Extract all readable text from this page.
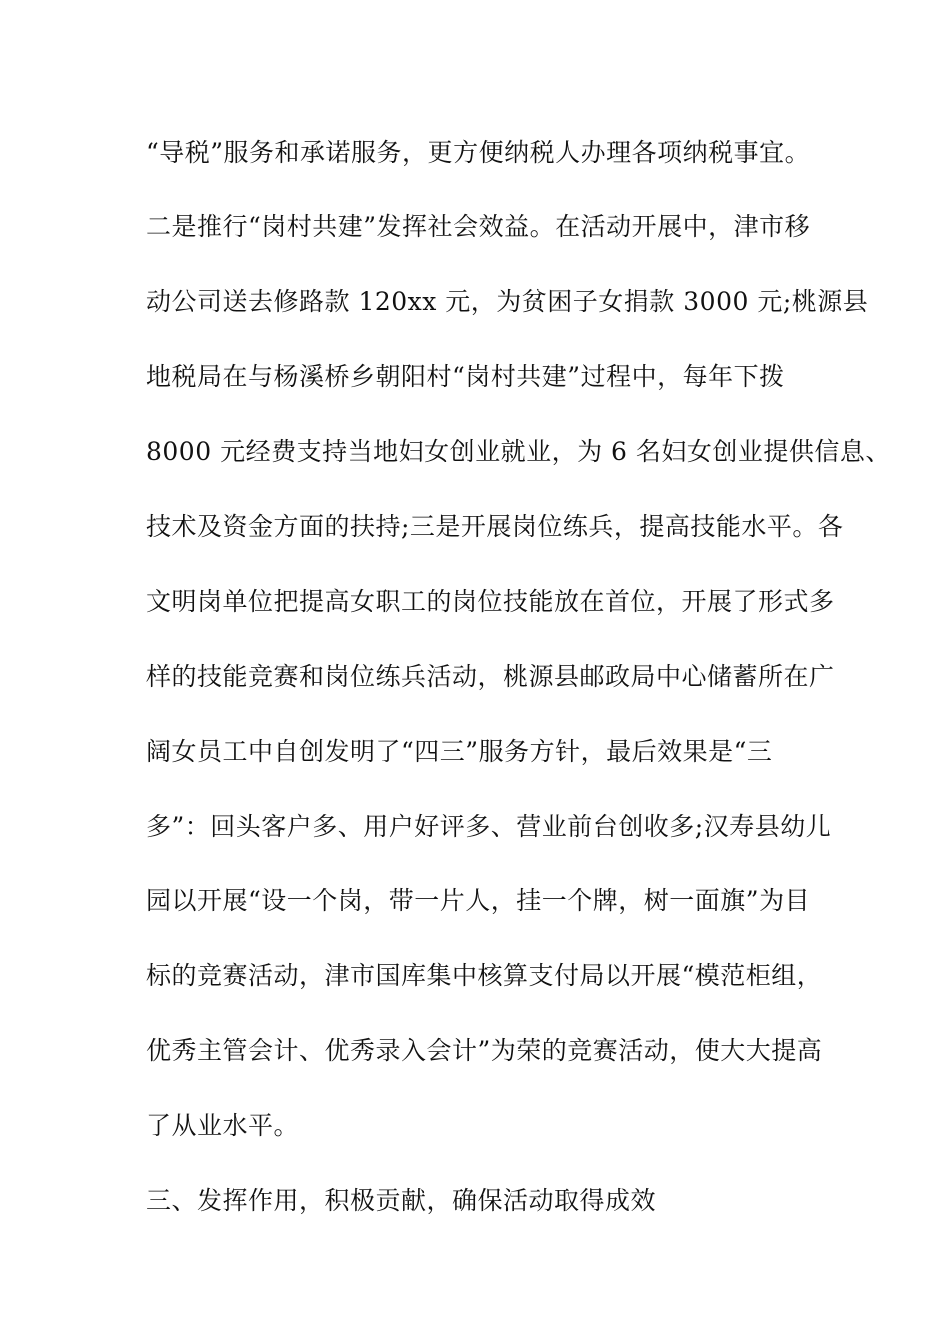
“导税”服务和承诺服务，更方便纳税人办理各项纳税事宜。
二是推行“岗村共建”发挥社会效益。在活动开展中，津市移
动公司送去修路款 120xx 元，为贫困子女捐款 3000 元;桃源县
地税局在与杨溪桥乡朝阳村“岗村共建”过程中，每年下拨
8000 元经费支持当地妇女创业就业，为 6 名妇女创业提供信息、
技术及资金方面的扶持;三是开展岗位练兵，提高技能水平。各
文明岗单位把提高女职工的岗位技能放在首位，开展了形式多
样的技能竞赛和岗位练兵活动，桃源县邮政局中心储蓄所在广
阔女员工中自创发明了“四三”服务方针，最后效果是“三
多”：回头客户多、用户好评多、营业前台创收多;汉寿县幼儿
园以开展“设一个岗，带一片人，挂一个牌，树一面旗”为目
标的竞赛活动，津市国库集中核算支付局以开展“模范柜组，
优秀主管会计、优秀录入会计”为荣的竞赛活动，使大大提高
了从业水平。
三、发挥作用，积极贡献，确保活动取得成效
